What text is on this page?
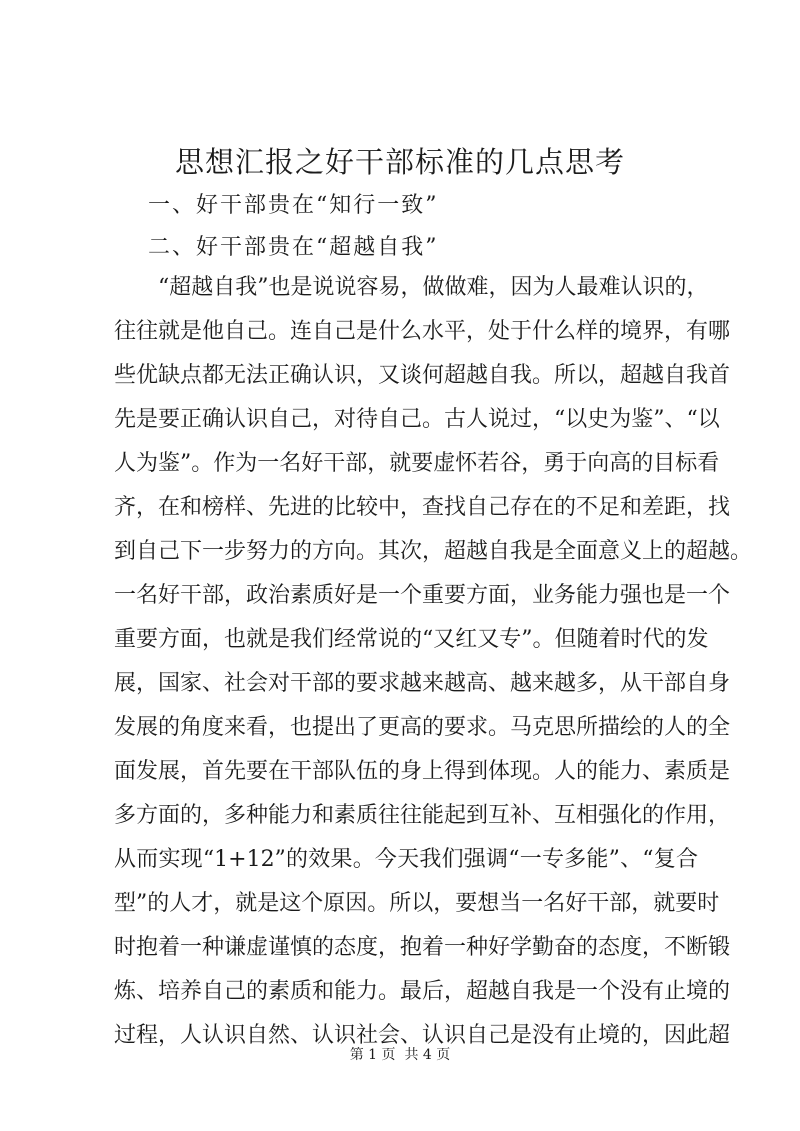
思想汇报之好干部标准的几点思考
一、好干部贵在“知行一致”
二、好干部贵在“超越自我”
“超越自我”也是说说容易，做做难，因为人最难认识的，
往往就是他自己。连自己是什么水平，处于什么样的境界，有哪
些优缺点都无法正确认识，又谈何超越自我。所以，超越自我首
先是要正确认识自己，对待自己。古人说过，“以史为鉴”、“以
人为鉴”。作为一名好干部，就要虚怀若谷，勇于向高的目标看
齐，在和榜样、先进的比较中，查找自己存在的不足和差距，找
到自己下一步努力的方向。其次，超越自我是全面意义上的超越。
一名好干部，政治素质好是一个重要方面，业务能力强也是一个
重要方面，也就是我们经常说的“又红又专”。但随着时代的发
展，国家、社会对干部的要求越来越高、越来越多，从干部自身
发展的角度来看，也提出了更高的要求。马克思所描绘的人的全
面发展，首先要在干部队伍的身上得到体现。人的能力、素质是
多方面的，多种能力和素质往往能起到互补、互相强化的作用，
从而实现“1+12”的效果。今天我们强调“一专多能”、“复合
型”的人才，就是这个原因。所以，要想当一名好干部，就要时
时抱着一种谦虚谨慎的态度，抱着一种好学勤奋的态度，不断锻
炼、培养自己的素质和能力。最后，超越自我是一个没有止境的
过程，人认识自然、认识社会、认识自己是没有止境的，因此超
第 1 页  共 4 页
